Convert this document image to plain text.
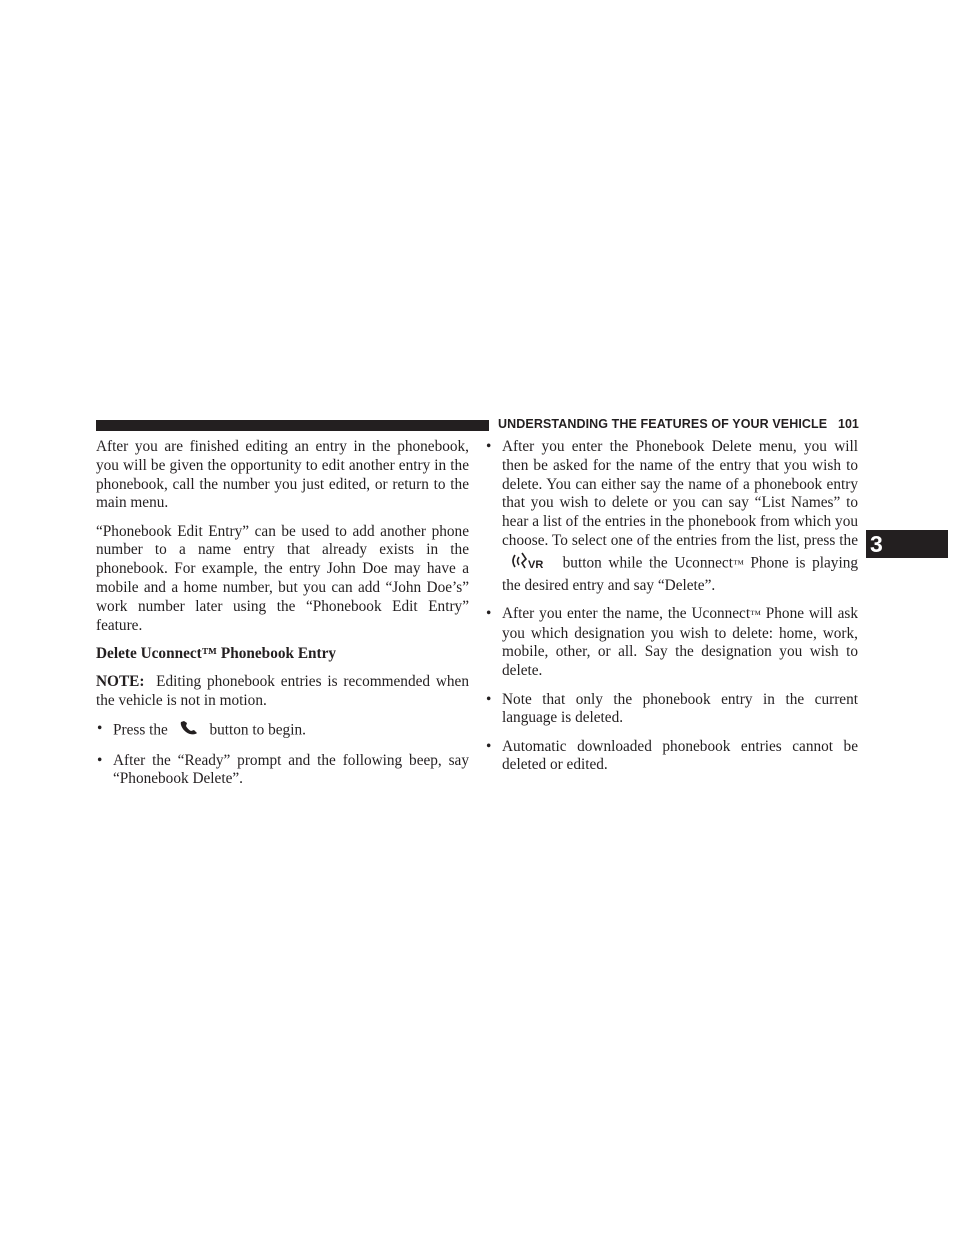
UNDERSTANDING THE FEATURES OF YOUR VEHICLE 101
3

After you are finished editing an entry in the phonebook, you will be given the opportunity to edit another entry in the phonebook, call the number you just edited, or return to the main menu.

“Phonebook Edit Entry” can be used to add another phone number to a name entry that already exists in the phonebook. For example, the entry John Doe may have a mobile and a home number, but you can add “John Doe’s” work number later using the “Phonebook Edit Entry” feature.

Delete Uconnect™ Phonebook Entry

NOTE: Editing phonebook entries is recommended when the vehicle is not in motion.

• Press the	button to begin.
• After the “Ready” prompt and the following beep, say “Phonebook Delete”.
• After you enter the Phonebook Delete menu, you will then be asked for the name of the entry that you wish to delete. You can either say the name of a phonebook entry that you wish to delete or you can say “List Names” to hear a list of the entries in the phonebook from which you choose. To select one of the entries from the list, press the
VR button while the Uconnect™ Phone is playing the desired entry and say “Delete”.
• After you enter the name, the Uconnect™ Phone will ask you which designation you wish to delete: home, work, mobile, other, or all. Say the designation you wish to delete.
• Note that only the phonebook entry in the current language is deleted.
• Automatic downloaded phonebook entries cannot be deleted or edited.
